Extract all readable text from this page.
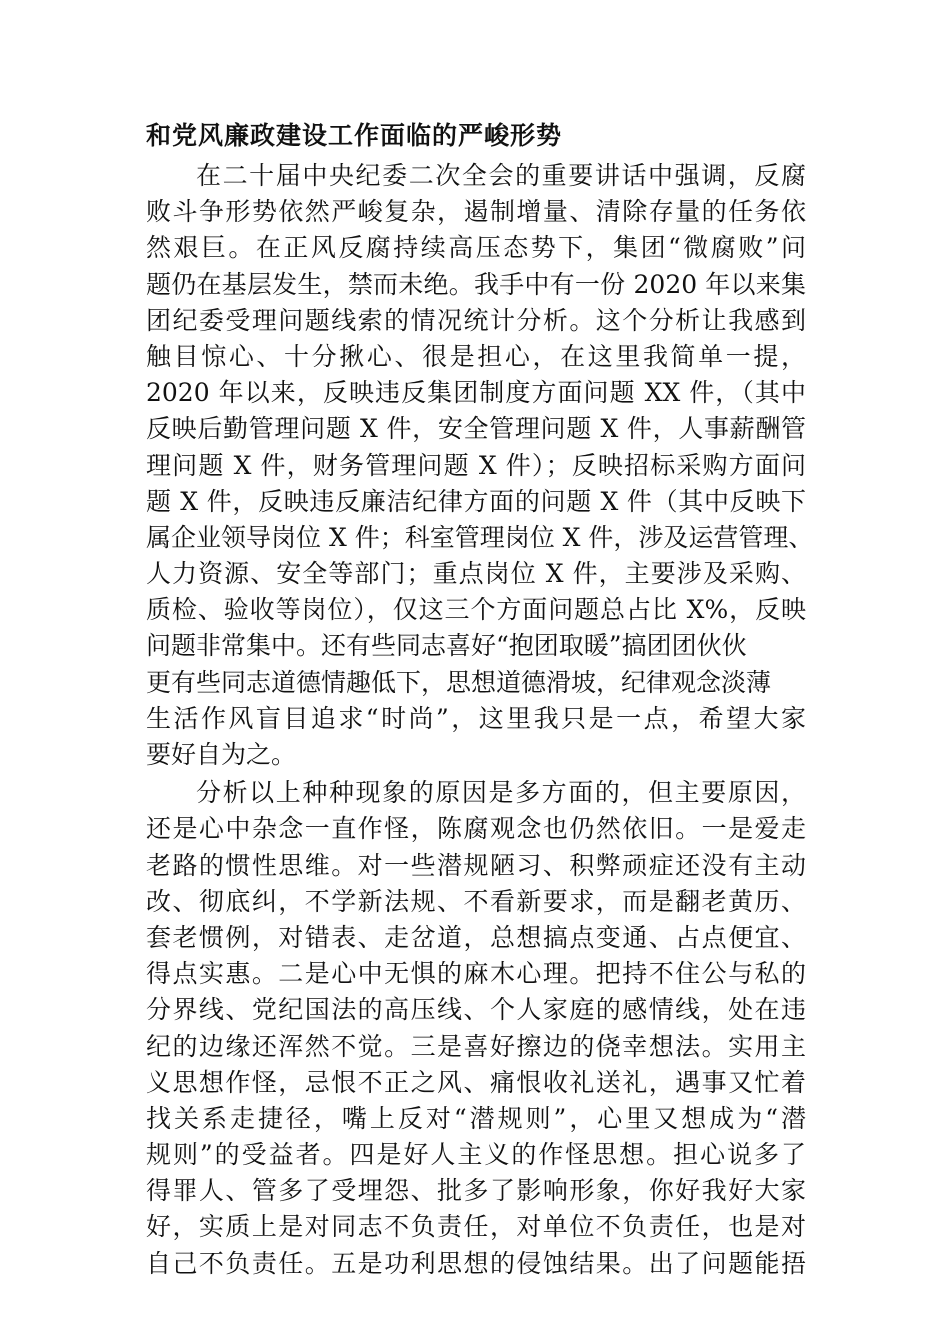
和党风廉政建设工作面临的严峻形势
在二十届中央纪委二次全会的重要讲话中强调，反腐
败斗争形势依然严峻复杂，遏制增量、清除存量的任务依
然艰巨。在正风反腐持续高压态势下，集团“微腐败”问
题仍在基层发生，禁而未绝。我手中有一份 2020 年以来集
团纪委受理问题线索的情况统计分析。这个分析让我感到
触目惊心、十分揪心、很是担心，在这里我简单一提，
2020 年以来，反映违反集团制度方面问题 XX 件，（其中
反映后勤管理问题 X 件，安全管理问题 X 件，人事薪酬管
理问题 X 件，财务管理问题 X 件）；反映招标采购方面问
题 X 件，反映违反廉洁纪律方面的问题 X 件（其中反映下
属企业领导岗位 X 件；科室管理岗位 X 件，涉及运营管理、
人力资源、安全等部门；重点岗位 X 件，主要涉及采购、
质检、验收等岗位），仅这三个方面问题总占比 X%，反映
问题非常集中。还有些同志喜好“抱团取暖”搞团团伙伙
更有些同志道德情趣低下，思想道德滑坡，纪律观念淡薄
生活作风盲目追求“时尚”，这里我只是一点，希望大家
要好自为之。
分析以上种种现象的原因是多方面的，但主要原因，
还是心中杂念一直作怪，陈腐观念也仍然依旧。一是爱走
老路的惯性思维。对一些潜规陋习、积弊顽症还没有主动
改、彻底纠，不学新法规、不看新要求，而是翻老黄历、
套老惯例，对错表、走岔道，总想搞点变通、占点便宜、
得点实惠。二是心中无惧的麻木心理。把持不住公与私的
分界线、党纪国法的高压线、个人家庭的感情线，处在违
纪的边缘还浑然不觉。三是喜好擦边的侥幸想法。实用主
义思想作怪，忌恨不正之风、痛恨收礼送礼，遇事又忙着
找关系走捷径，嘴上反对“潜规则”，心里又想成为“潜
规则”的受益者。四是好人主义的作怪思想。担心说多了
得罪人、管多了受埋怨、批多了影响形象，你好我好大家
好，实质上是对同志不负责任，对单位不负责任，也是对
自己不负责任。五是功利思想的侵蚀结果。出了问题能捂
